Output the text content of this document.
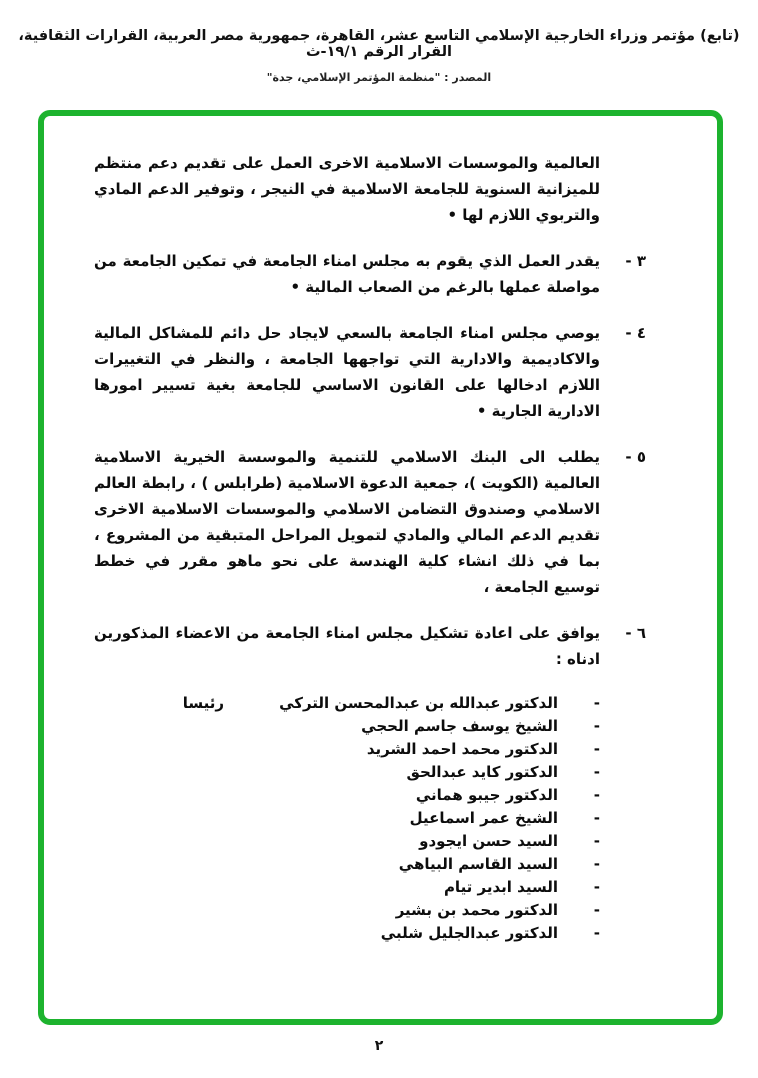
(تابع) مؤتمر وزراء الخارجية الإسلامي التاسع عشر، القاهرة، جمهورية مصر العربية، القرارات الثقافية، القرار الرقم ١٩/١-ث
المصدر : "منظمة المؤتمر الإسلامي، جدة"
العالمية والموسسات الاسلامية الاخرى العمل على تقديم دعم منتظم للميزانية السنوية للجامعة الاسلامية في النيجر ، وتوفير الدعم المادي والتربوي اللازم لها •
٣ -
يقدر العمل الذي يقوم به مجلس امناء الجامعة في تمكين الجامعة من مواصلة عملها بالرغم من الصعاب المالية •
٤ -
يوصي مجلس امناء الجامعة بالسعي لايجاد حل دائم للمشاكل المالية والاكاديمية والادارية التي تواجهها الجامعة ، والنظر في التغييرات اللازم ادخالها على القانون الاساسي للجامعة بغية تسيير امورها الادارية الجارية •
٥ -
يطلب الى البنك الاسلامي للتنمية والموسسة الخيرية الاسلامية العالمية (الكويت )، جمعية الدعوة الاسلامية (طرابلس ) ، رابطة العالم الاسلامي وصندوق التضامن الاسلامي والموسسات الاسلامية الاخرى تقديم الدعم المالي والمادي لتمويل المراحل المتبقية من المشروع ، بما في ذلك انشاء كلية الهندسة على نحو ماهو مقرر في خطط توسيع الجامعة ،
٦ -
يوافق على اعادة تشكيل مجلس امناء الجامعة من الاعضاء المذكورين ادناه :
-
الدكتور عبدالله بن عبدالمحسن التركي
رئيسا
-
الشيخ يوسف جاسم الحجي
-
الدكتور محمد احمد الشريد
-
الدكتور كايد عبدالحق
-
الدكتور جيبو هماني
-
الشيخ عمر اسماعيل
-
السيد حسن ايجودو
-
السيد القاسم البياهي
-
السيد ابدير تيام
-
الدكتور محمد بن بشير
-
الدكتور عبدالجليل شلبي
٢
